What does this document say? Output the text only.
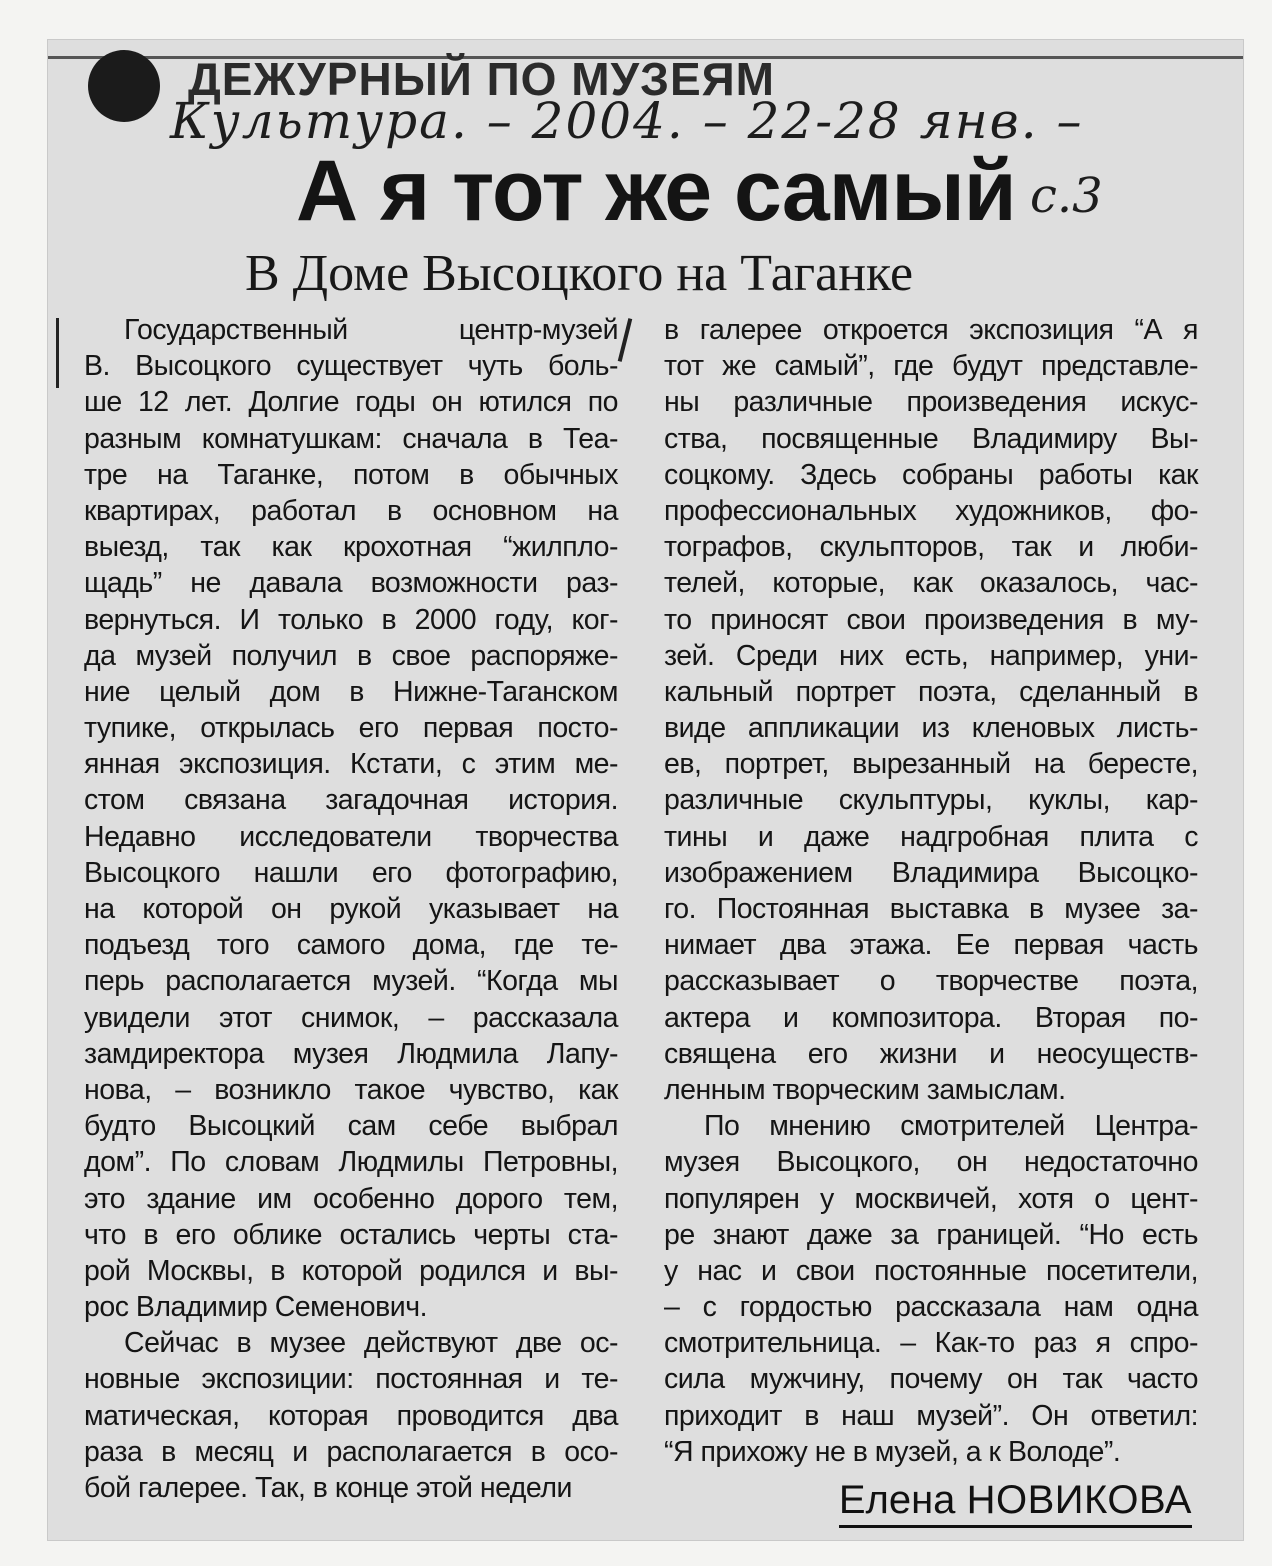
ДЕЖУРНЫЙ ПО МУЗЕЯМ
Культура. – 2004. – 22-28 янв. –
А я тот же самый с.3
В Доме Высоцкого на Таганке
Государственный центр-музей
В. Высоцкого существует чуть боль-
ше 12 лет. Долгие годы он ютился по
разным комнатушкам: сначала в Теа-
тре на Таганке, потом в обычных
квартирах, работал в основном на
выезд, так как крохотная “жилпло-
щадь” не давала возможности раз-
вернуться. И только в 2000 году, ког-
да музей получил в свое распоряже-
ние целый дом в Нижне-Таганском
тупике, открылась его первая посто-
янная экспозиция. Кстати, с этим ме-
стом связана загадочная история.
Недавно исследователи творчества
Высоцкого нашли его фотографию,
на которой он рукой указывает на
подъезд того самого дома, где те-
перь располагается музей. “Когда мы
увидели этот снимок, – рассказала
замдиректора музея Людмила Лапу-
нова, – возникло такое чувство, как
будто Высоцкий сам себе выбрал
дом”. По словам Людмилы Петровны,
это здание им особенно дорого тем,
что в его облике остались черты ста-
рой Москвы, в которой родился и вы-
рос Владимир Семенович.
Сейчас в музее действуют две ос-
новные экспозиции: постоянная и те-
матическая, которая проводится два
раза в месяц и располагается в осо-
бой галерее. Так, в конце этой недели
в галерее откроется экспозиция “А я
тот же самый”, где будут представле-
ны различные произведения искус-
ства, посвященные Владимиру Вы-
соцкому. Здесь собраны работы как
профессиональных художников, фо-
тографов, скульпторов, так и люби-
телей, которые, как оказалось, час-
то приносят свои произведения в му-
зей. Среди них есть, например, уни-
кальный портрет поэта, сделанный в
виде аппликации из кленовых листь-
ев, портрет, вырезанный на бересте,
различные скульптуры, куклы, кар-
тины и даже надгробная плита с
изображением Владимира Высоцко-
го. Постоянная выставка в музее за-
нимает два этажа. Ее первая часть
рассказывает о творчестве поэта,
актера и композитора. Вторая по-
священа его жизни и неосуществ-
ленным творческим замыслам.
По мнению смотрителей Центра-
музея Высоцкого, он недостаточно
популярен у москвичей, хотя о цент-
ре знают даже за границей. “Но есть
у нас и свои постоянные посетители,
– с гордостью рассказала нам одна
смотрительница. – Как-то раз я спро-
сила мужчину, почему он так часто
приходит в наш музей”. Он ответил:
“Я прихожу не в музей, а к Володе”.
Елена НОВИКОВА
